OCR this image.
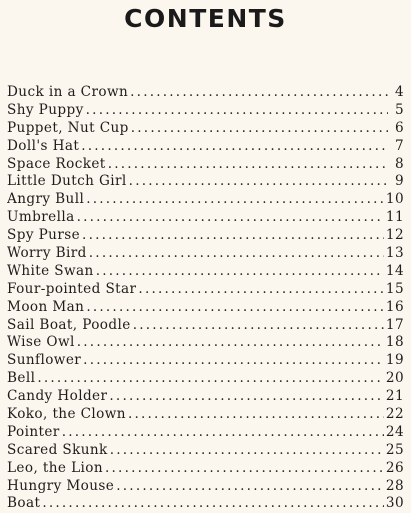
CONTENTS
Duck in a Crown .....	4
Shy Puppy .....	5
Puppet, Nut Cup .....	6
Doll's Hat .....	7
Space Rocket .....	8
Little Dutch Girl .....	9
Angry Bull .....	10
Umbrella .....	11
Spy Purse .....	12
Worry Bird .....	13
White Swan .....	14
Four-pointed Star .....	15
Moon Man .....	16
Sail Boat, Poodle .....	17
Wise Owl .....	18
Sunflower .....	19
Bell .....	20
Candy Holder .....	21
Koko, the Clown .....	22
Pointer .....	24
Scared Skunk .....	25
Leo, the Lion .....	26
Hungry Mouse .....	28
Boat .....	30
